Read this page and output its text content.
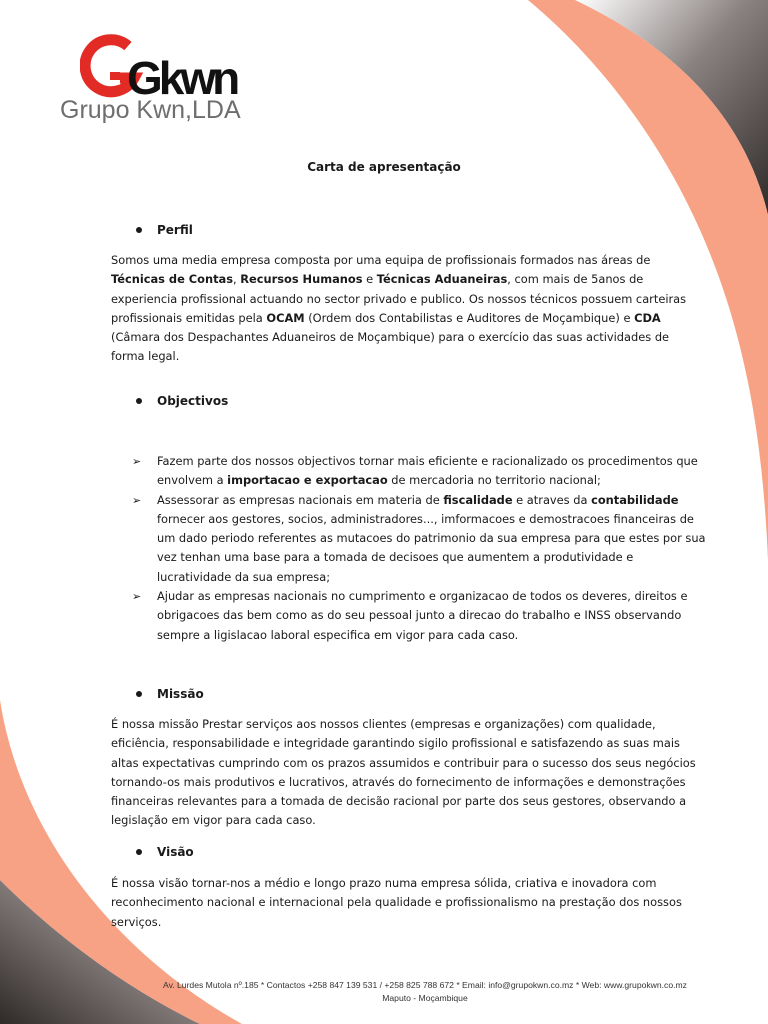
Gkwn
Grupo Kwn,LDA
Carta de apresentação
Perfil
Somos uma media empresa composta por uma equipa de profissionais formados nas áreas de Técnicas de Contas, Recursos Humanos e Técnicas Aduaneiras, com mais de 5anos de experiencia profissional actuando no sector privado e publico. Os nossos técnicos possuem carteiras profissionais emitidas pela OCAM (Ordem dos Contabilistas e Auditores de Moçambique) e CDA (Câmara dos Despachantes Aduaneiros de Moçambique) para o exercício das suas actividades de forma legal.
Objectivos
➢ Fazem parte dos nossos objectivos tornar mais eficiente e racionalizado os procedimentos que envolvem a importacao e exportacao de mercadoria no territorio nacional;
➢ Assessorar as empresas nacionais em materia de fiscalidade e atraves da contabilidade fornecer aos gestores, socios, administradores..., imformacoes e demostracoes financeiras de um dado periodo referentes as mutacoes do patrimonio da sua empresa para que estes por sua vez tenhan uma base para a tomada de decisoes que aumentem a produtividade e lucratividade da sua empresa;
➢ Ajudar as empresas nacionais no cumprimento e organizacao de todos os deveres, direitos e obrigacoes das bem como as do seu pessoal junto a direcao do trabalho e INSS observando sempre a ligislacao laboral especifica em vigor para cada caso.
Missão
É nossa missão Prestar serviços aos nossos clientes (empresas e organizações) com qualidade, eficiência, responsabilidade e integridade garantindo sigilo profissional e satisfazendo as suas mais altas expectativas cumprindo com os prazos assumidos e contribuir para o sucesso dos seus negócios tornando-os mais produtivos e lucrativos, através do fornecimento de informações e demonstrações financeiras relevantes para a tomada de decisão racional por parte dos seus gestores, observando a legislação em vigor para cada caso.
Visão
É nossa visão tornar-nos a médio e longo prazo numa empresa sólida, criativa e inovadora com reconhecimento nacional e internacional pela qualidade e profissionalismo na prestação dos nossos serviços.
Av. Lurdes Mutola nº.185 * Contactos +258 847 139 531 / +258 825 788 672 * Email: info@grupokwn.co.mz * Web: www.grupokwn.co.mz
Maputo - Moçambique
